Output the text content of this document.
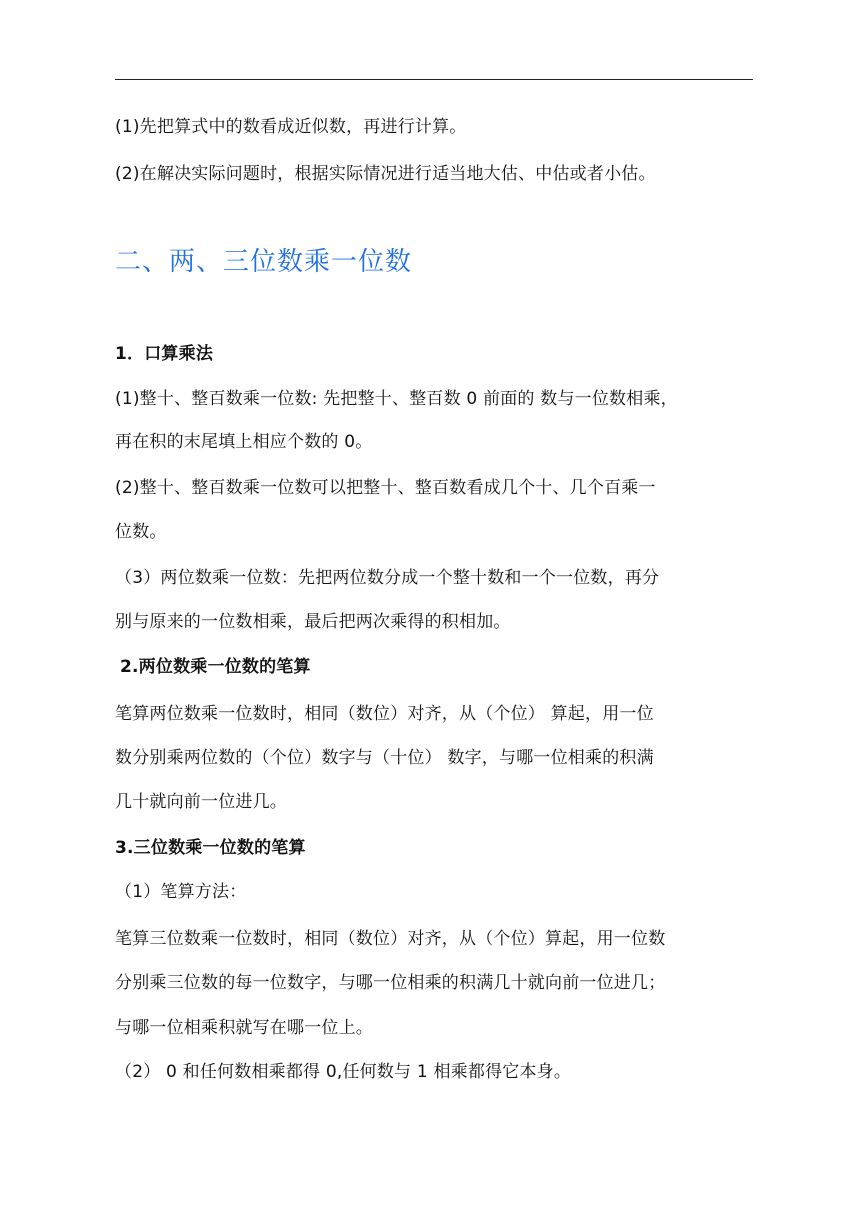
(1)先把算式中的数看成近似数，再进行计算。
(2)在解决实际问题时，根据实际情况进行适当地大估、中估或者小估。
二、两、三位数乘一位数
1．口算乘法
(1)整十、整百数乘一位数: 先把整十、整百数 0 前面的 数与一位数相乘，
再在积的末尾填上相应个数的 0。
(2)整十、整百数乘一位数可以把整十、整百数看成几个十、几个百乘一
位数。
（3）两位数乘一位数：先把两位数分成一个整十数和一个一位数，再分
别与原来的一位数相乘，最后把两次乘得的积相加。
2.两位数乘一位数的笔算
笔算两位数乘一位数时，相同（数位）对齐，从（个位） 算起，用一位
数分别乘两位数的（个位）数字与（十位） 数字，与哪一位相乘的积满
几十就向前一位进几。
3.三位数乘一位数的笔算
（1）笔算方法：
笔算三位数乘一位数时，相同（数位）对齐，从（个位）算起，用一位数
分别乘三位数的每一位数字，与哪一位相乘的积满几十就向前一位进几；
与哪一位相乘积就写在哪一位上。
（2） 0 和任何数相乘都得 0,任何数与 1 相乘都得它本身。
